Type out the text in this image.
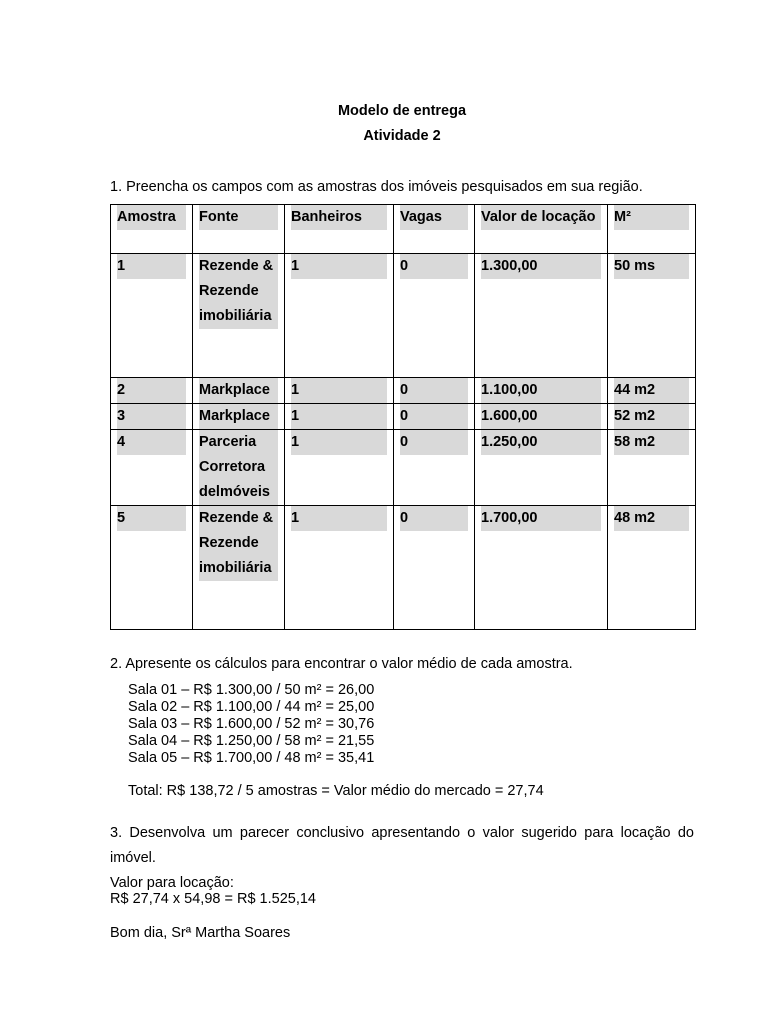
Modelo de entrega
Atividade 2
1. Preencha os campos com as amostras dos imóveis pesquisados em sua região.
Amostra	Fonte	Banheiros	Vagas	Valor de locação	M²

1	Rezende & Rezende imobiliária	1	0	1.300,00	50 ms

2	Markplace	1	0	1.100,00	44 m2

3	Markplace	1	0	1.600,00	52 m2

4	Parceria Corretora delmóveis	1	0	1.250,00	58 m2

5	Rezende & Rezende imobiliária	1	0	1.700,00	48 m2
2. Apresente os cálculos para encontrar o valor médio de cada amostra.
Sala 01 – R$ 1.300,00 / 50 m² = 26,00
Sala 02 – R$ 1.100,00 / 44 m² = 25,00
Sala 03 – R$ 1.600,00 / 52 m² = 30,76
Sala 04 – R$ 1.250,00 / 58 m² = 21,55
Sala 05 – R$ 1.700,00 / 48 m² = 35,41
Total: R$ 138,72 / 5 amostras = Valor médio do mercado = 27,74
3. Desenvolva um parecer conclusivo apresentando o valor sugerido para locação do imóvel.
Valor para locação:
R$ 27,74 x 54,98 = R$ 1.525,14
Bom dia, Srª Martha Soares
